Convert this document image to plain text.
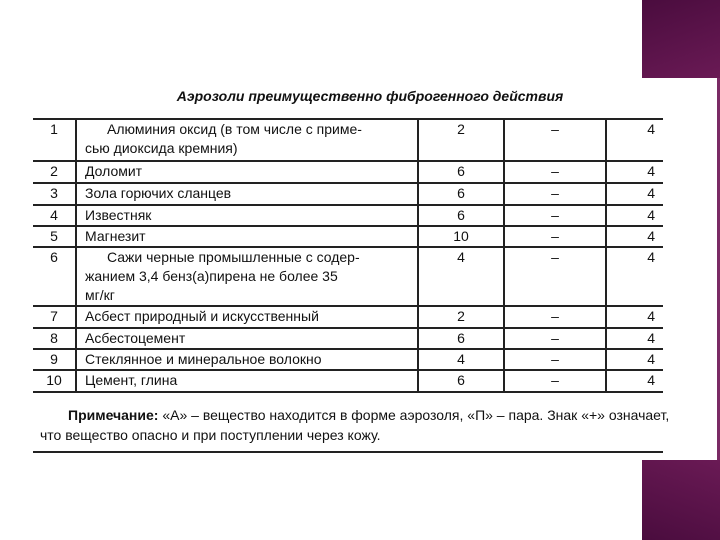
Аэрозоли преимущественно фиброгенного действия
1	Алюминия оксид (в том числе с приме-
сью диоксида кремния)	2	–	4
2	Доломит	6	–	4
3	Зола горючих сланцев	6	–	4
4	Известняк	6	–	4
5	Магнезит	10	–	4
6	Сажи черные промышленные с содер-
жанием 3,4 бенз(а)пирена не более 35
мг/кг	4	–	4
7	Асбест природный и искусственный	2	–	4
8	Асбестоцемент	6	–	4
9	Стеклянное и минеральное волокно	4	–	4
10	Цемент, глина	6	–	4
Примечание: «А» – вещество находится в форме аэрозоля, «П» – пара. Знак «+» означает, что вещество опасно и при поступлении через кожу.
